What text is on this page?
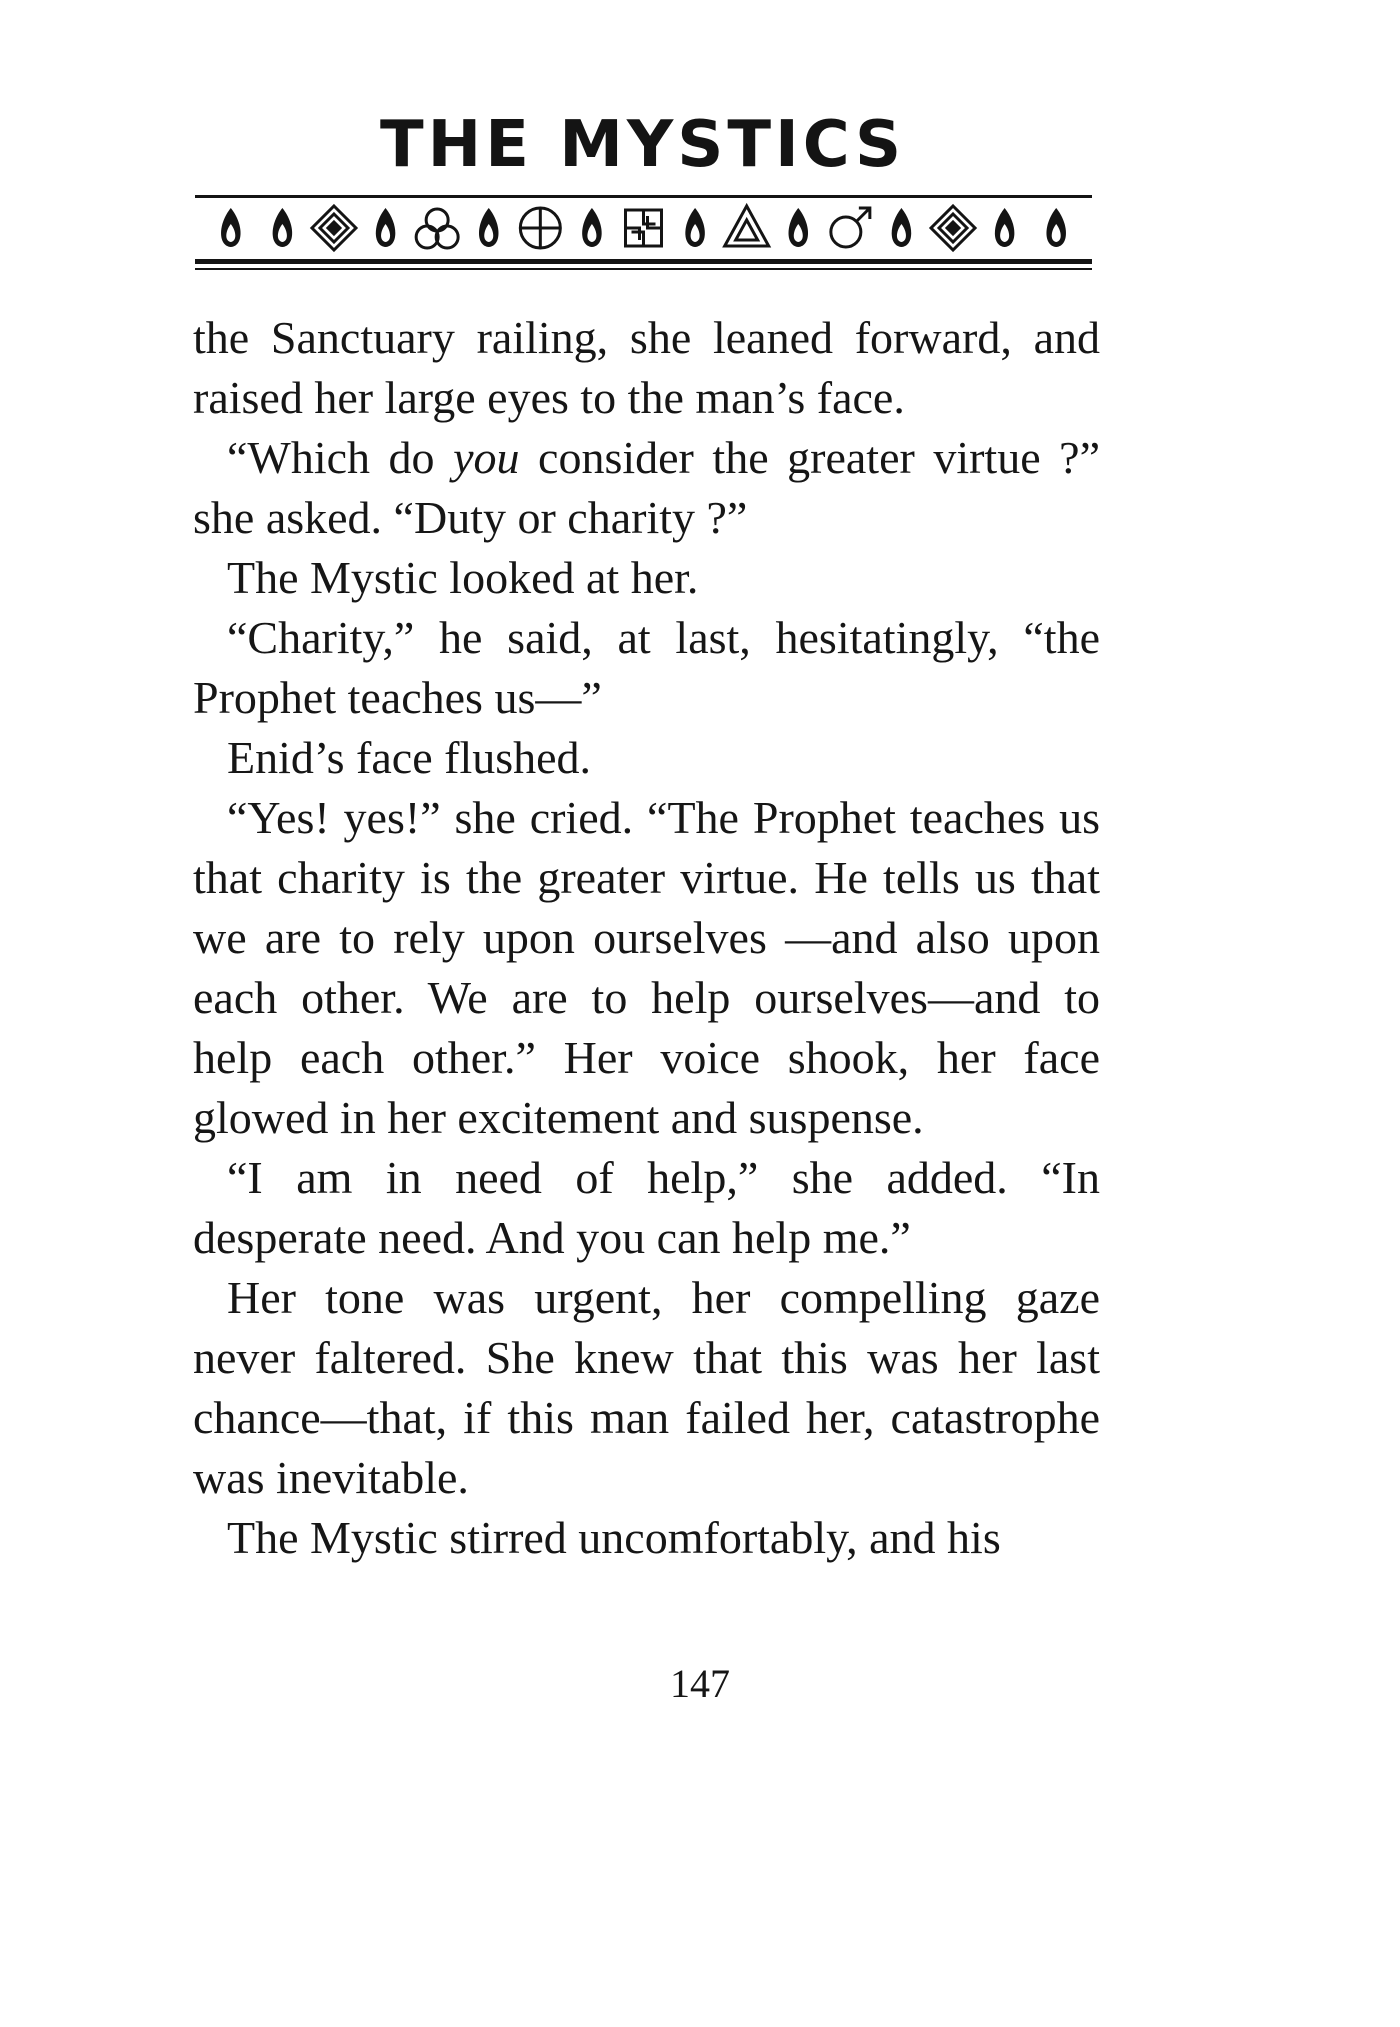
THE MYSTICS

the Sanctuary railing, she leaned forward, and raised her large eyes to the man’s face.

“Which do you consider the greater virtue ?” she asked. “Duty or charity ?”

The Mystic looked at her.

“Charity,” he said, at last, hesitatingly, “the Prophet teaches us—”

Enid’s face flushed.

“Yes! yes!” she cried. “The Prophet teaches us that charity is the greater virtue. He tells us that we are to rely upon ourselves —and also upon each other. We are to help ourselves—and to help each other.” Her voice shook, her face glowed in her excitement and suspense.

“I am in need of help,” she added. “In desperate need. And you can help me.”

Her tone was urgent, her compelling gaze never faltered. She knew that this was her last chance—that, if this man failed her, catastrophe was inevitable.

The Mystic stirred uncomfortably, and his

147
